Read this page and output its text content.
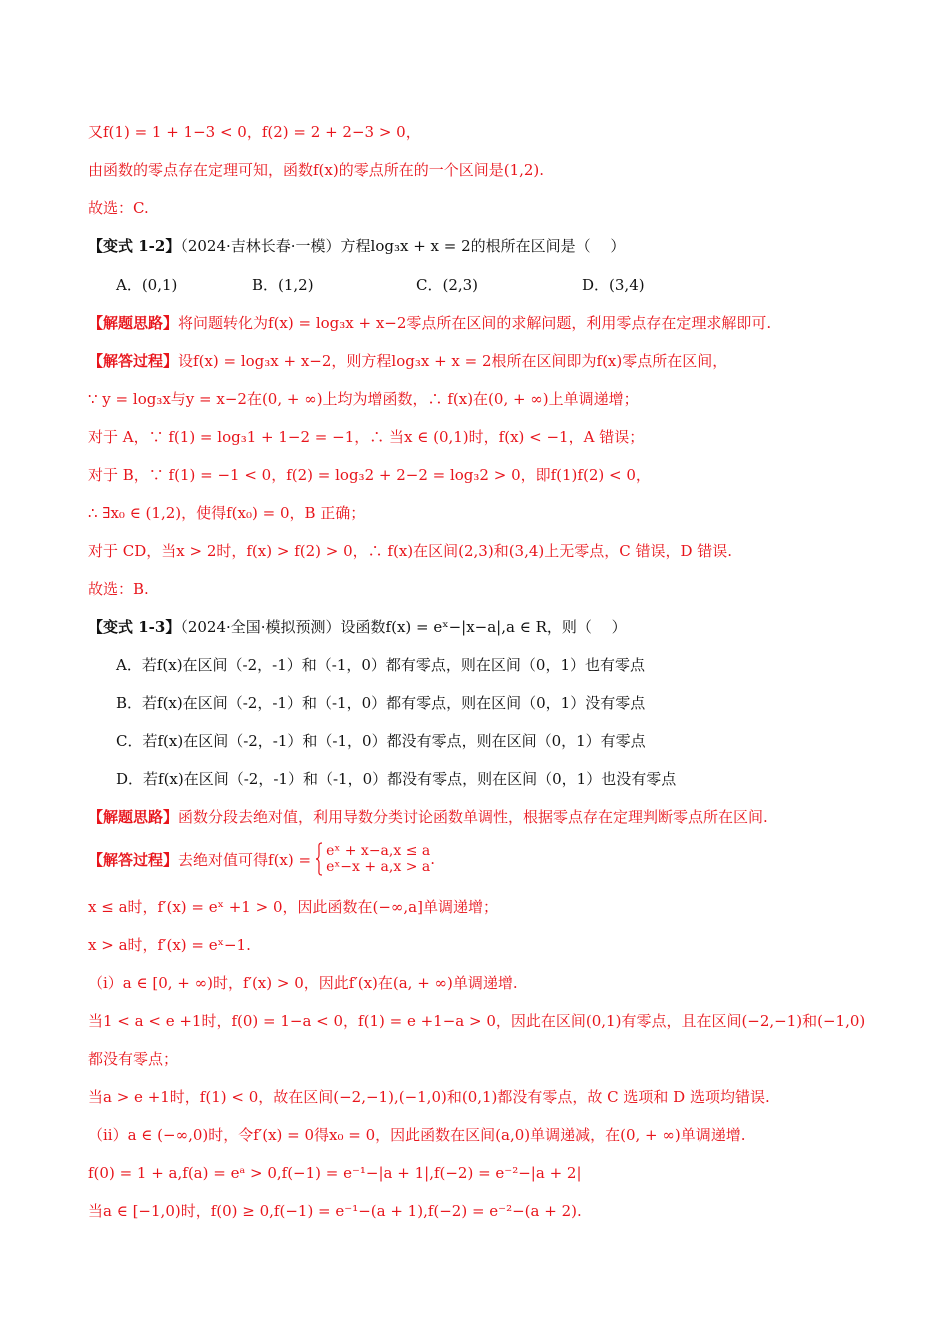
又f(1) = 1 + 1−3 < 0，f(2) = 2 + 2−3 > 0，
由函数的零点存在定理可知，函数f(x)的零点所在的一个区间是(1,2).
故选：C.
【变式 1-2】（2024·吉林长春·一模）方程log₃x + x = 2的根所在区间是（　 ）
A．(0,1)	B．(1,2)	C．(2,3)	D．(3,4)
【解题思路】将问题转化为f(x) = log₃x + x−2零点所在区间的求解问题，利用零点存在定理求解即可.
【解答过程】设f(x) = log₃x + x−2，则方程log₃x + x = 2根所在区间即为f(x)零点所在区间，
∵ y = log₃x与y = x−2在(0, + ∞)上均为增函数，∴ f(x)在(0, + ∞)上单调递增；
对于 A，∵ f(1) = log₃1 + 1−2 = −1，∴ 当x ∈ (0,1)时，f(x) < −1，A 错误；
对于 B，∵ f(1) = −1 < 0，f(2) = log₃2 + 2−2 = log₃2 > 0，即f(1)f(2) < 0，
∴ ∃x₀ ∈ (1,2)，使得f(x₀) = 0，B 正确；
对于 CD，当x > 2时，f(x) > f(2) > 0，∴ f(x)在区间(2,3)和(3,4)上无零点，C 错误，D 错误.
故选：B.
【变式 1-3】（2024·全国·模拟预测）设函数f(x) = eˣ−|x−a|,a ∈ R，则（　 ）
A．若f(x)在区间（-2，-1）和（-1，0）都有零点，则在区间（0，1）也有零点
B．若f(x)在区间（-2，-1）和（-1，0）都有零点，则在区间（0，1）没有零点
C．若f(x)在区间（-2，-1）和（-1，0）都没有零点，则在区间（0，1）有零点
D．若f(x)在区间（-2，-1）和（-1，0）都没有零点，则在区间（0，1）也没有零点
【解题思路】函数分段去绝对值，利用导数分类讨论函数单调性，根据零点存在定理判断零点所在区间.
【解答过程】 去绝对值可得f(x) = eˣ + x−a,x ≤ a
eˣ−x + a,x > a .
x ≤ a时，f′(x) = eˣ +1 > 0，因此函数在(−∞,a]单调递增；
x > a时，f′(x) = eˣ−1.
（i）a ∈ [0, + ∞)时，f′(x) > 0，因此f′(x)在(a, + ∞)单调递增.
当1 < a < e +1时，f(0) = 1−a < 0，f(1) = e +1−a > 0，因此在区间(0,1)有零点，且在区间(−2,−1)和(−1,0)
都没有零点；
当a > e +1时，f(1) < 0，故在区间(−2,−1),(−1,0)和(0,1)都没有零点，故 C 选项和 D 选项均错误.
（ii）a ∈ (−∞,0)时，令f′(x) = 0得x₀ = 0，因此函数在区间(a,0)单调递减，在(0, + ∞)单调递增.
f(0) = 1 + a,f(a) = eᵃ > 0,f(−1) = e⁻¹−|a + 1|,f(−2) = e⁻²−|a + 2|
当a ∈ [−1,0)时，f(0) ≥ 0,f(−1) = e⁻¹−(a + 1),f(−2) = e⁻²−(a + 2).
